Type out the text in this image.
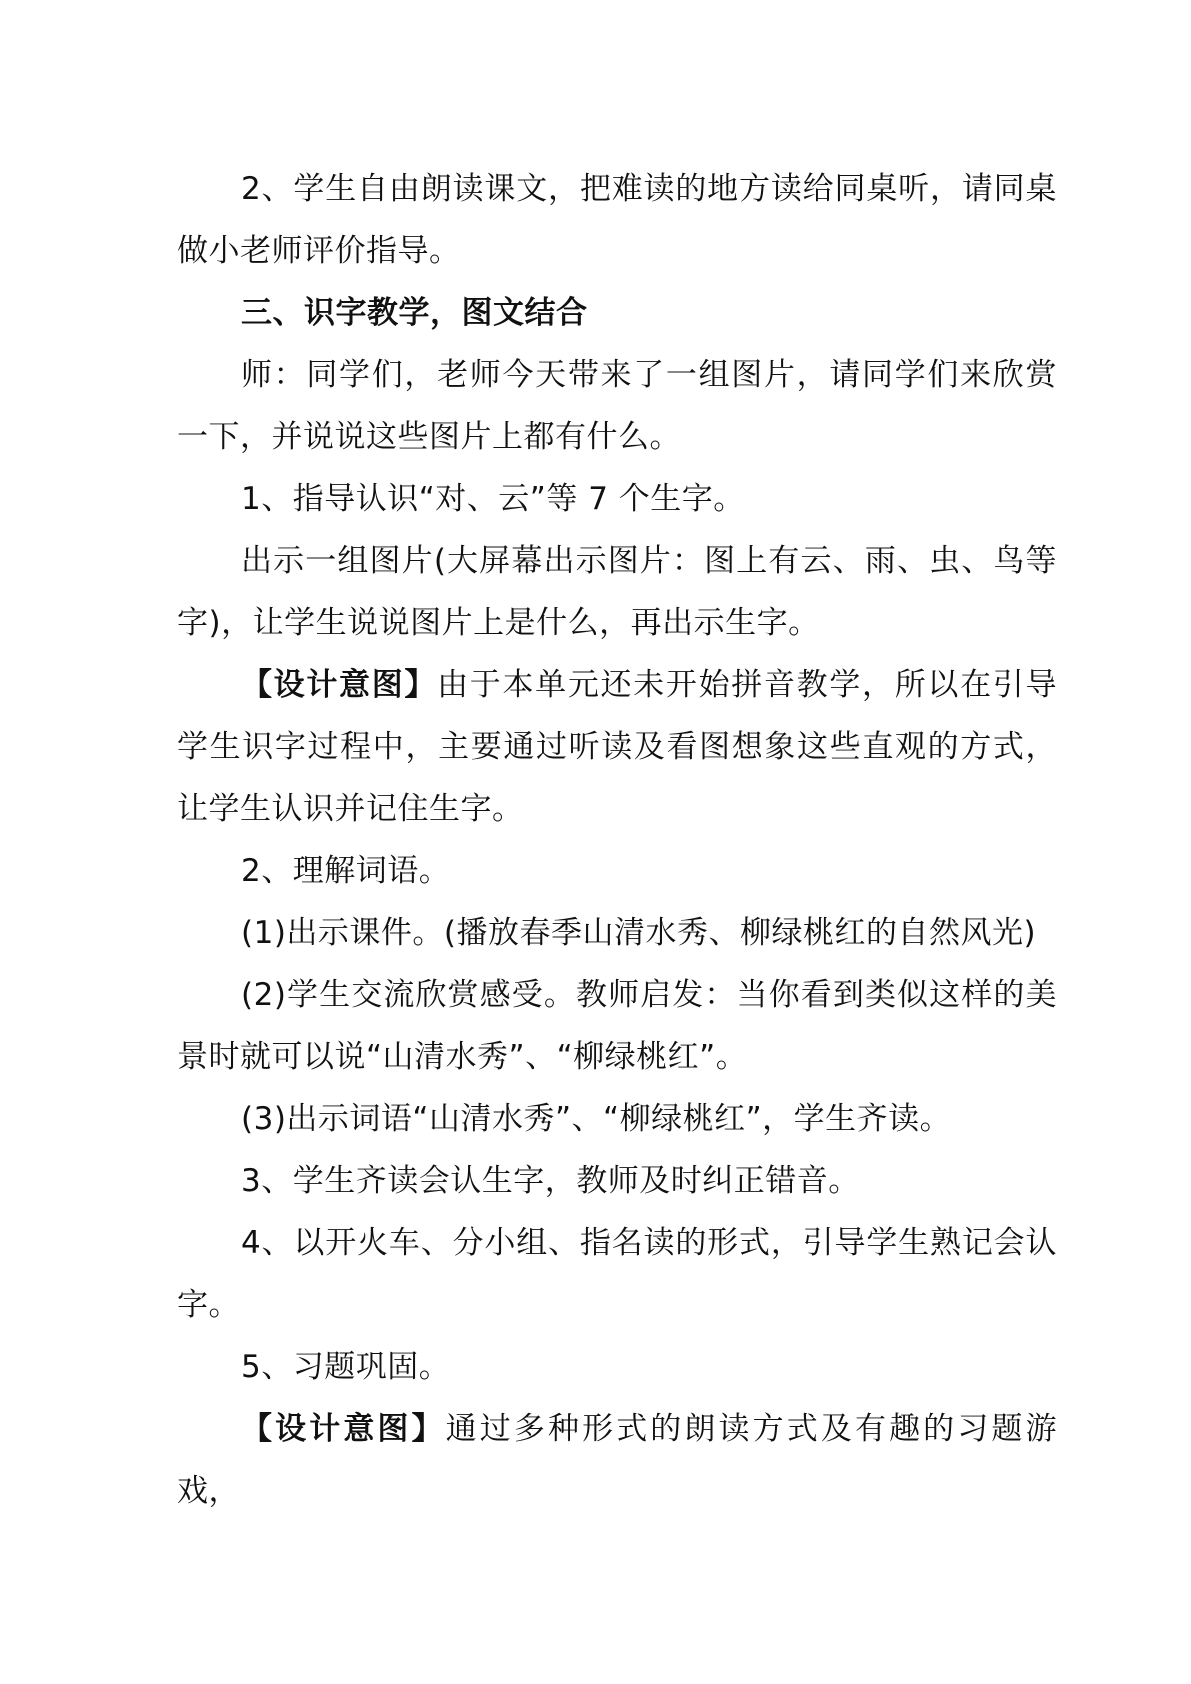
2、学生自由朗读课文，把难读的地方读给同桌听，请同桌做小老师评价指导。

三、识字教学，图文结合

师：同学们，老师今天带来了一组图片，请同学们来欣赏一下，并说说这些图片上都有什么。

1、指导认识“对、云”等 7 个生字。

出示一组图片(大屏幕出示图片：图上有云、雨、虫、鸟等字)，让学生说说图片上是什么，再出示生字。

【设计意图】由于本单元还未开始拼音教学，所以在引导学生识字过程中，主要通过听读及看图想象这些直观的方式，让学生认识并记住生字。

2、理解词语。

(1)出示课件。(播放春季山清水秀、柳绿桃红的自然风光)

(2)学生交流欣赏感受。教师启发：当你看到类似这样的美景时就可以说“山清水秀”、“柳绿桃红”。

(3)出示词语“山清水秀”、“柳绿桃红”，学生齐读。

3、学生齐读会认生字，教师及时纠正错音。

4、以开火车、分小组、指名读的形式，引导学生熟记会认字。

5、习题巩固。

【设计意图】通过多种形式的朗读方式及有趣的习题游戏，
